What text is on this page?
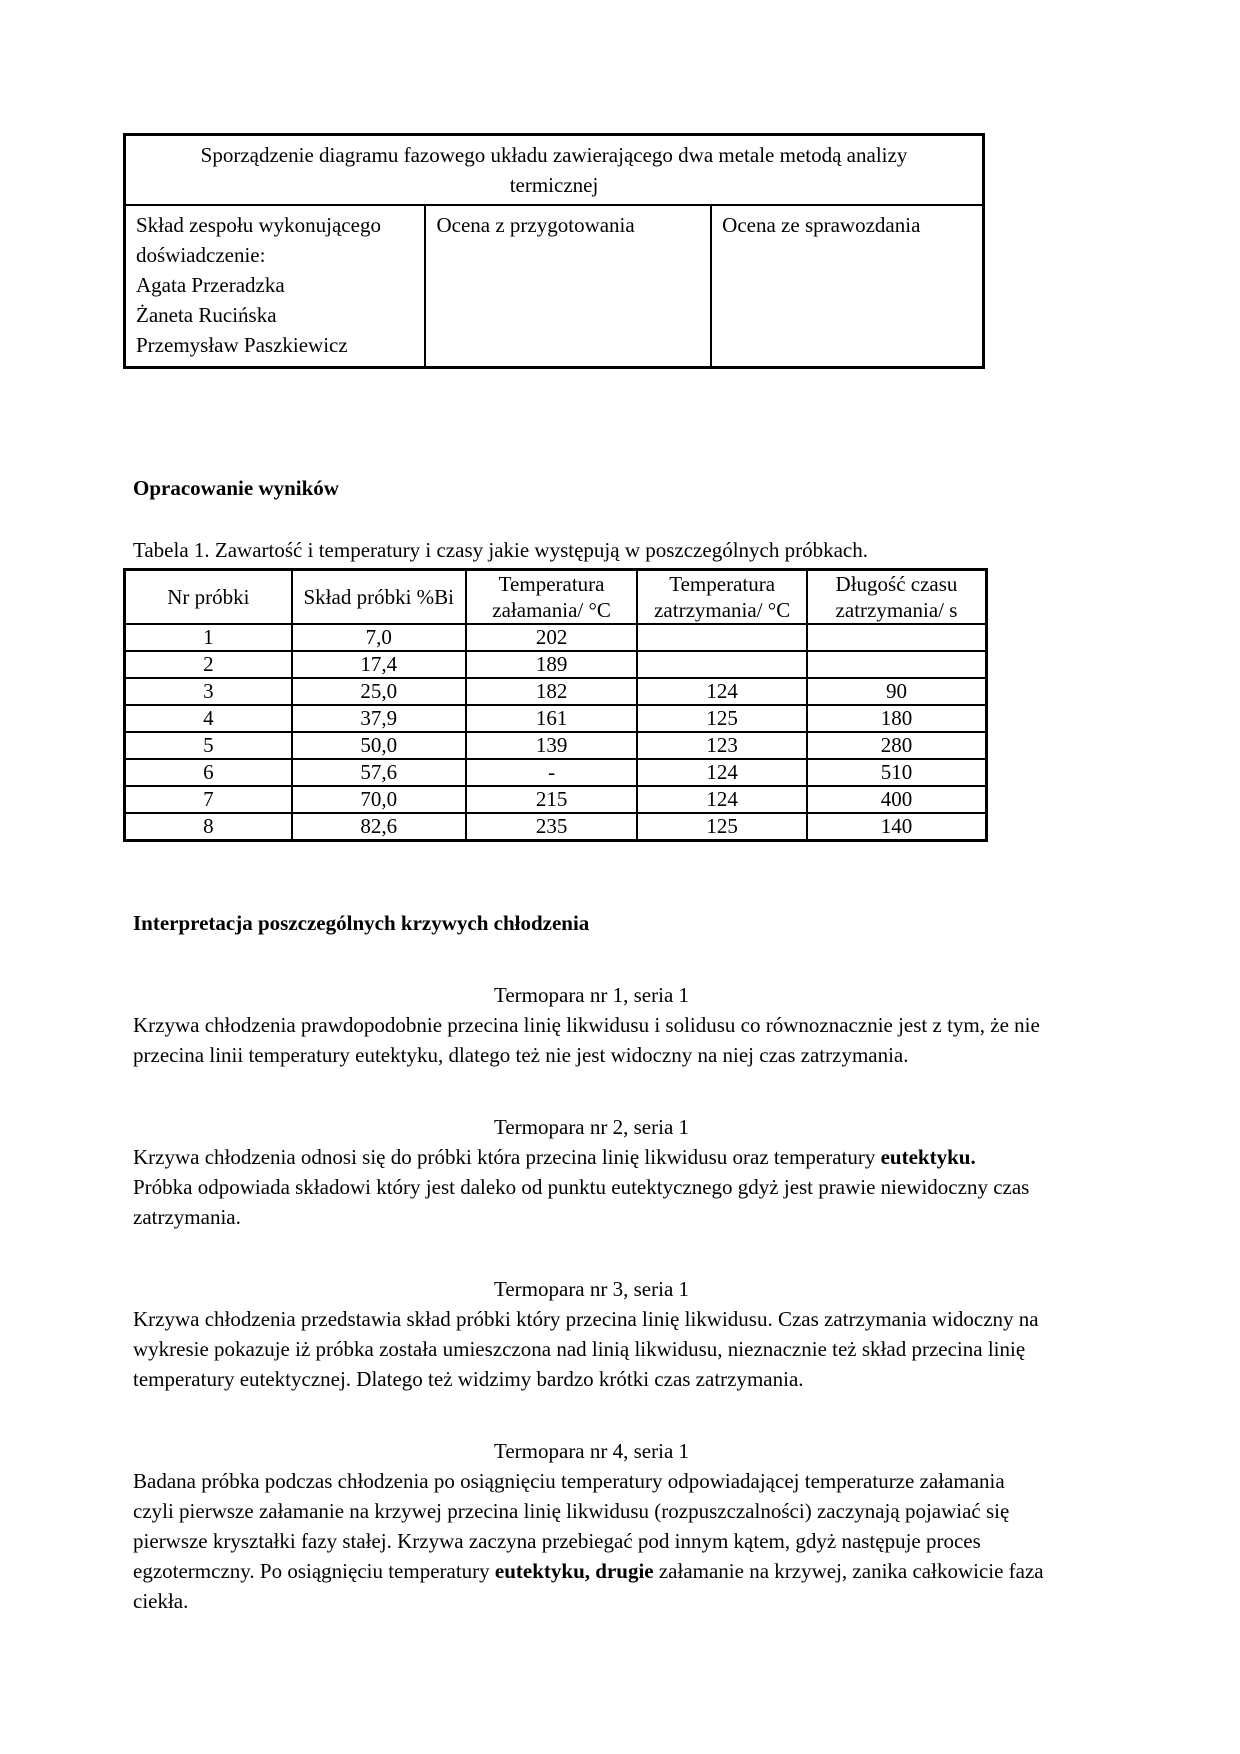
Sporządzenie diagramu fazowego układu zawierającego dwa metale metodą analizy termicznej

Skład zespołu wykonującego doświadczenie:
Agata Przeradzka
Żaneta Rucińska
Przemysław Paszkiewicz
	Ocena z przygotowania	Ocena ze sprawozdania
Opracowanie wyników
Tabela 1. Zawartość i temperatury i czasy jakie występują w poszczególnych próbkach.
Nr próbki	Skład próbki %Bi	Temperatura załamania/ °C	Temperatura zatrzymania/ °C	Długość czasu zatrzymania/ s
1	7,0	202		
2	17,4	189		
3	25,0	182	124	90
4	37,9	161	125	180
5	50,0	139	123	280
6	57,6	-	124	510
7	70,0	215	124	400
8	82,6	235	125	140
Interpretacja poszczególnych krzywych chłodzenia
Termopara nr 1, seria 1

Krzywa chłodzenia prawdopodobnie przecina linię likwidusu i solidusu co równoznacznie jest z tym, że nie przecina linii temperatury eutektyku, dlatego też nie jest widoczny na niej czas zatrzymania.

Termopara nr 2, seria 1

Krzywa chłodzenia odnosi się do próbki która przecina linię likwidusu oraz temperatury eutektyku.

Próbka odpowiada składowi który jest daleko od punktu eutektycznego gdyż jest prawie niewidoczny czas zatrzymania.

Termopara nr 3, seria 1

Krzywa chłodzenia przedstawia skład próbki który przecina linię likwidusu. Czas zatrzymania widoczny na wykresie pokazuje iż próbka została umieszczona nad linią likwidusu, nieznacznie też skład przecina linię temperatury eutektycznej. Dlatego też widzimy bardzo krótki czas zatrzymania.

Termopara nr 4, seria 1

Badana próbka podczas chłodzenia po osiągnięciu temperatury odpowiadającej temperaturze załamania czyli pierwsze załamanie na krzywej przecina linię likwidusu (rozpuszczalności) zaczynają pojawiać się pierwsze kryształki fazy stałej. Krzywa zaczyna przebiegać pod innym kątem, gdyż następuje proces egzotermczny. Po osiągnięciu temperatury eutektyku, drugie załamanie na krzywej, zanika całkowicie faza ciekła.
